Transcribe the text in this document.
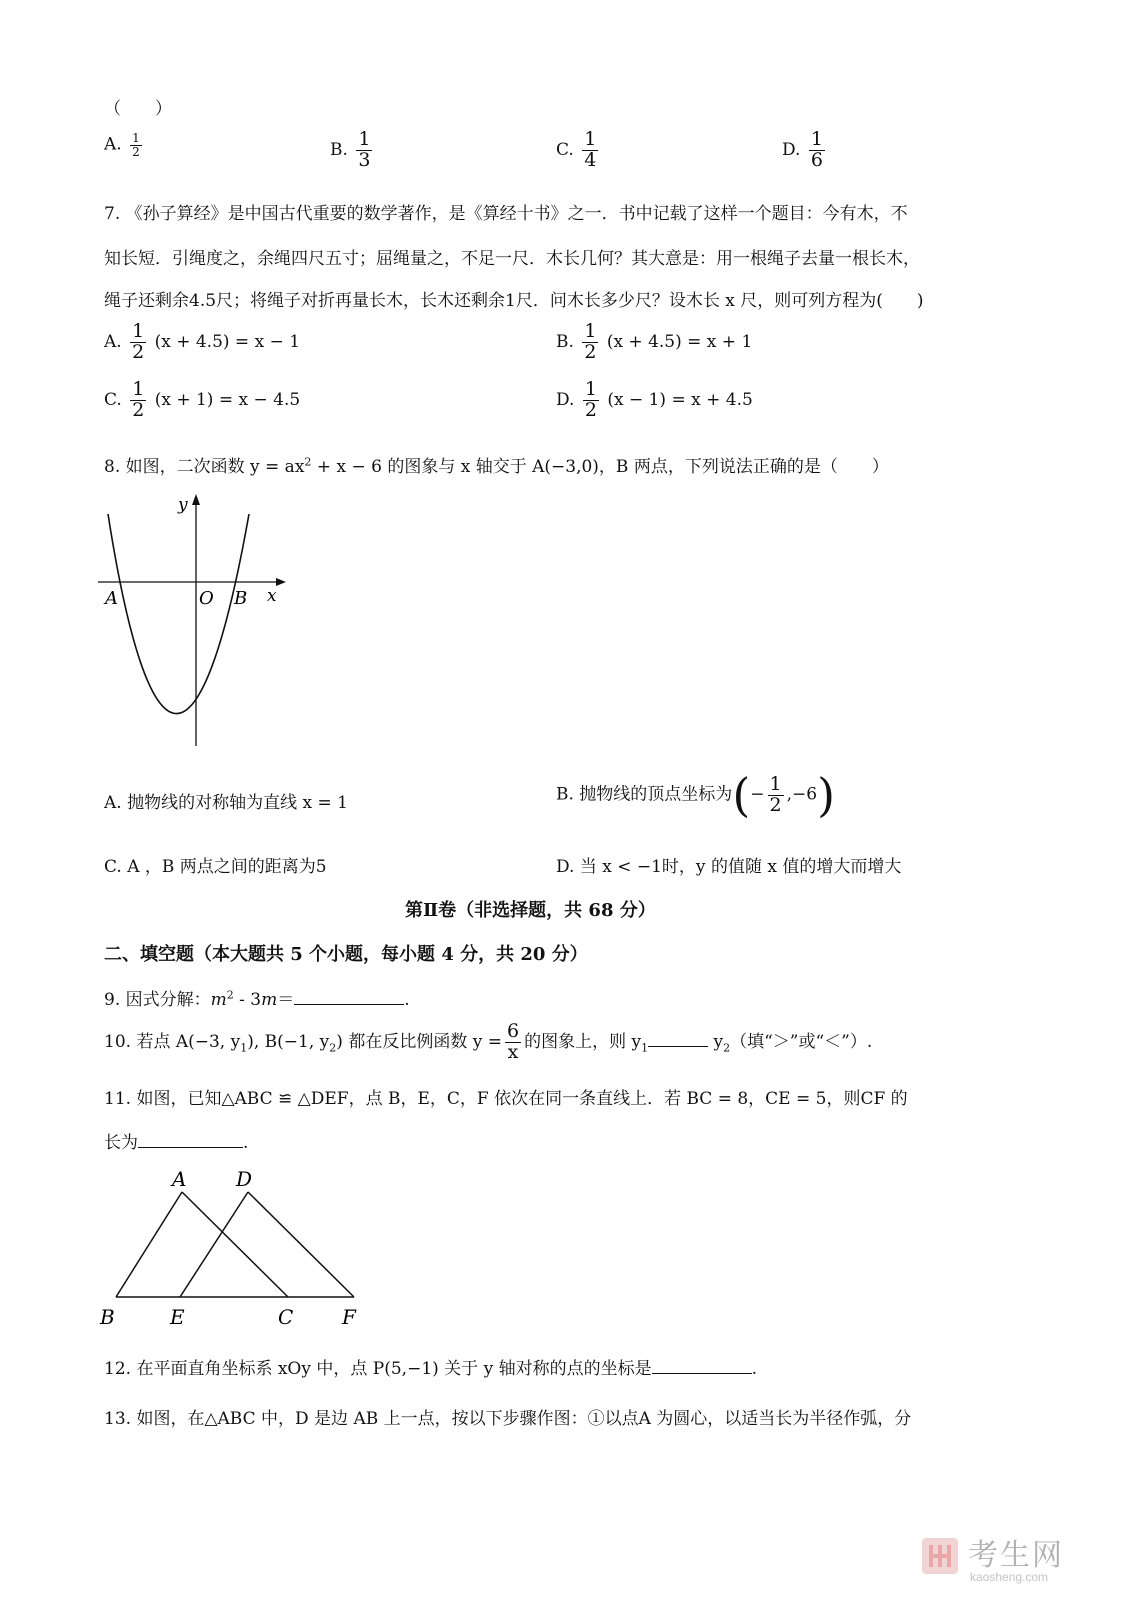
（　　）
A. $\frac{1}{2}$	B. $\frac{1}{3}$	C. $\frac{1}{4}$	D. $\frac{1}{6}$
7. 《孙子算经》是中国古代重要的数学著作，是《算经十书》之一．书中记载了这样一个题目：今有木，不
知长短．引绳度之，余绳四尺五寸；屈绳量之，不足一尺．木长几何？其大意是：用一根绳子去量一根长木，
绳子还剩余4.5尺；将绳子对折再量长木，长木还剩余1尺．问木长多少尺？设木长 x 尺，则可列方程为(　　)
A. $\frac{1}{2} (x + 4.5) = x - 1$	B. $\frac{1}{2} (x + 4.5) = x + 1$
C. $\frac{1}{2} (x + 1) = x - 4.5$	D. $\frac{1}{2} (x - 1) = x + 4.5$
8. 如图，二次函数 $y = ax^2 + x - 6$ 的图象与 x 轴交于 A(−3,0)，B 两点，下列说法正确的是（　　）
y
x
A	O B
A. 抛物线的对称轴为直线 x = 1	B. 抛物线的顶点坐标为(− $\frac{1}{2} ,-6$)
C. A ，B 两点之间的距离为5	D. 当 x < −1时，y 的值随 x 值的增大而增大
第Ⅱ卷（非选择题，共 68 分）
二、填空题（本大题共 5 个小题，每小题 4 分，共 20 分）
9. 因式分解：$m^2 - 3m=$	.
10. 若点 A(−3, $y_1$), B(−1, $y_2$) 都在反比例函数 $y = \frac{6}{x}$ 的图象上，则 $y_1$	$y_2$（填“＞”或“＜”）.
11. 如图，已知△ABC ≌ △DEF，点 B，E，C，F 依次在同一条直线上．若 BC = 8，CE = 5，则CF 的
长为	.
A D
B	E	C F
12. 在平面直角坐标系 xOy 中，点 P(5,−1) 关于 y 轴对称的点的坐标是	.
13. 如图，在△ABC 中，D 是边 AB 上一点，按以下步骤作图：①以点A 为圆心，以适当长为半径作弧，分
考生网
kaosheng.com
